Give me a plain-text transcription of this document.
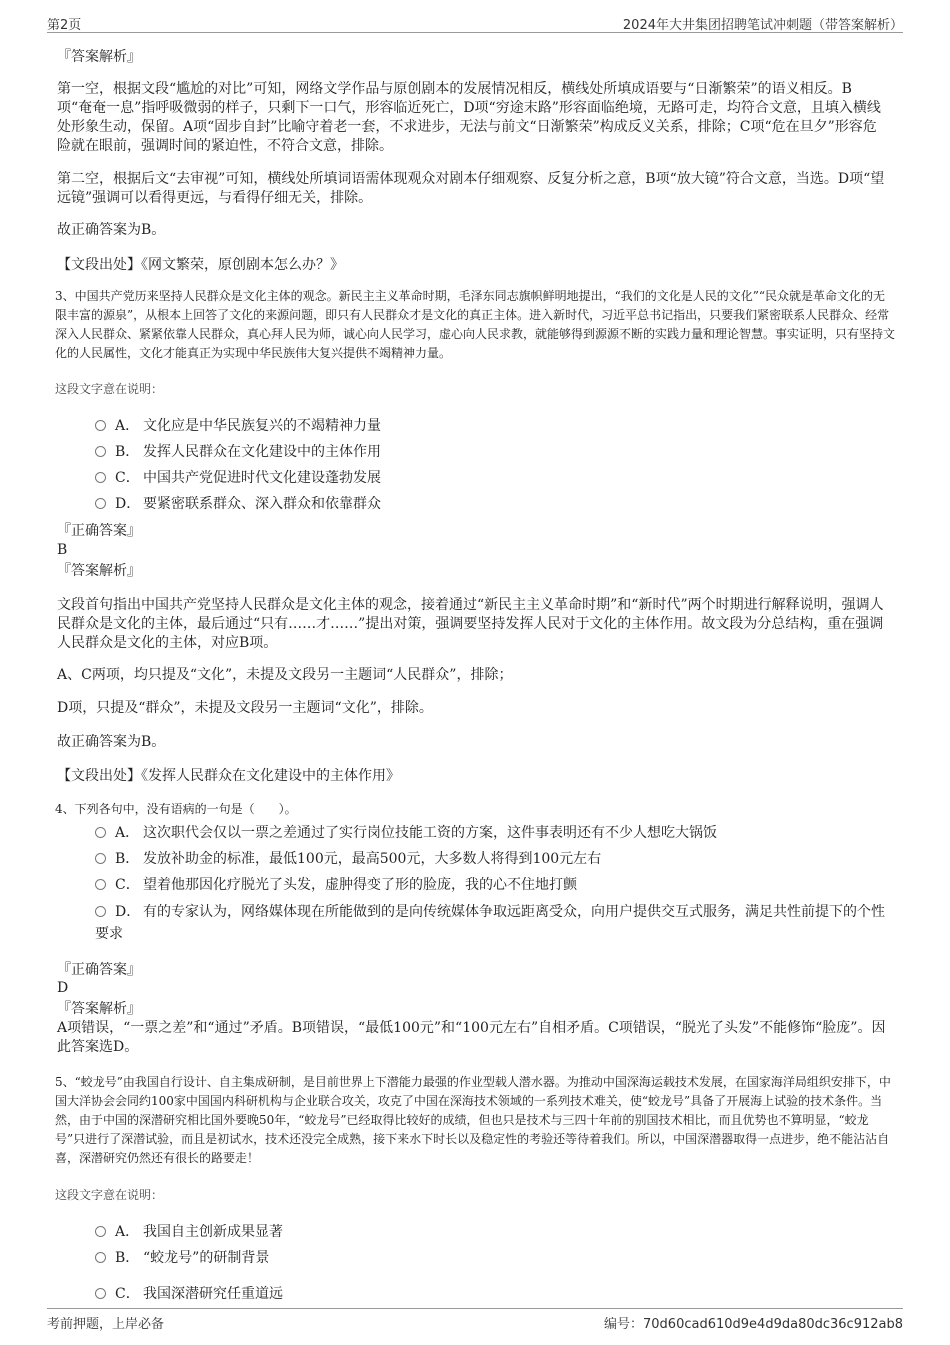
第2页	2024年大井集团招聘笔试冲刺题（带答案解析）
『答案解析』
第一空，根据文段“尴尬的对比”可知，网络文学作品与原创剧本的发展情况相反，横线处所填成语要与“日渐繁荣”的语义相反。B项“奄奄一息”指呼吸微弱的样子，只剩下一口气，形容临近死亡，D项“穷途末路”形容面临绝境，无路可走，均符合文意，且填入横线处形象生动，保留。A项“固步自封”比喻守着老一套，不求进步，无法与前文“日渐繁荣”构成反义关系，排除；C项“危在旦夕”形容危险就在眼前，强调时间的紧迫性，不符合文意，排除。
第二空，根据后文“去审视”可知，横线处所填词语需体现观众对剧本仔细观察、反复分析之意，B项“放大镜”符合文意，当选。D项“望远镜”强调可以看得更远，与看得仔细无关，排除。
故正确答案为B。
【文段出处】《网文繁荣，原创剧本怎么办？》
3、中国共产党历来坚持人民群众是文化主体的观念。新民主主义革命时期，毛泽东同志旗帜鲜明地提出，“我们的文化是人民的文化”“民众就是革命文化的无限丰富的源泉”，从根本上回答了文化的来源问题，即只有人民群众才是文化的真正主体。进入新时代，习近平总书记指出，只要我们紧密联系人民群众、经常深入人民群众、紧紧依靠人民群众，真心拜人民为师，诚心向人民学习，虚心向人民求教，就能够得到源源不断的实践力量和理论智慧。事实证明，只有坚持文化的人民属性，文化才能真正为实现中华民族伟大复兴提供不竭精神力量。
这段文字意在说明：
A． 文化应是中华民族复兴的不竭精神力量
B． 发挥人民群众在文化建设中的主体作用
C． 中国共产党促进时代文化建设蓬勃发展
D． 要紧密联系群众、深入群众和依靠群众
『正确答案』
B
『答案解析』
文段首句指出中国共产党坚持人民群众是文化主体的观念，接着通过“新民主主义革命时期”和“新时代”两个时期进行解释说明，强调人民群众是文化的主体，最后通过“只有……才……”提出对策，强调要坚持发挥人民对于文化的主体作用。故文段为分总结构，重在强调人民群众是文化的主体，对应B项。
A、C两项，均只提及“文化”，未提及文段另一主题词“人民群众”，排除；
D项，只提及“群众”，未提及文段另一主题词“文化”，排除。
故正确答案为B。
【文段出处】《发挥人民群众在文化建设中的主体作用》
4、下列各句中，没有语病的一句是（　　）。
A． 这次职代会仅以一票之差通过了实行岗位技能工资的方案，这件事表明还有不少人想吃大锅饭
B． 发放补助金的标准，最低100元，最高500元，大多数人将得到100元左右
C． 望着他那因化疗脱光了头发，虚肿得变了形的脸庞，我的心不住地打颤
D． 有的专家认为，网络媒体现在所能做到的是向传统媒体争取远距离受众，向用户提供交互式服务，满足共性前提下的个性要求
『正确答案』
D
『答案解析』
A项错误，“一票之差”和“通过”矛盾。B项错误，“最低100元”和“100元左右”自相矛盾。C项错误，“脱光了头发”不能修饰“脸庞”。因此答案选D。
5、“蛟龙号”由我国自行设计、自主集成研制，是目前世界上下潜能力最强的作业型载人潜水器。为推动中国深海运载技术发展，在国家海洋局组织安排下，中国大洋协会会同约100家中国国内科研机构与企业联合攻关，攻克了中国在深海技术领域的一系列技术难关，使“蛟龙号”具备了开展海上试验的技术条件。当然，由于中国的深潜研究相比国外要晚50年，“蛟龙号”已经取得比较好的成绩，但也只是技术与三四十年前的别国技术相比，而且优势也不算明显，“蛟龙号”只进行了深潜试验，而且是初试水，技术还没完全成熟，接下来水下时长以及稳定性的考验还等待着我们。所以，中国深潜器取得一点进步，绝不能沾沾自喜，深潜研究仍然还有很长的路要走！
这段文字意在说明：
A． 我国自主创新成果显著
B． “蛟龙号”的研制背景
C． 我国深潜研究任重道远
考前押题，上岸必备	编号：70d60cad610d9e4d9da80dc36c912ab8
